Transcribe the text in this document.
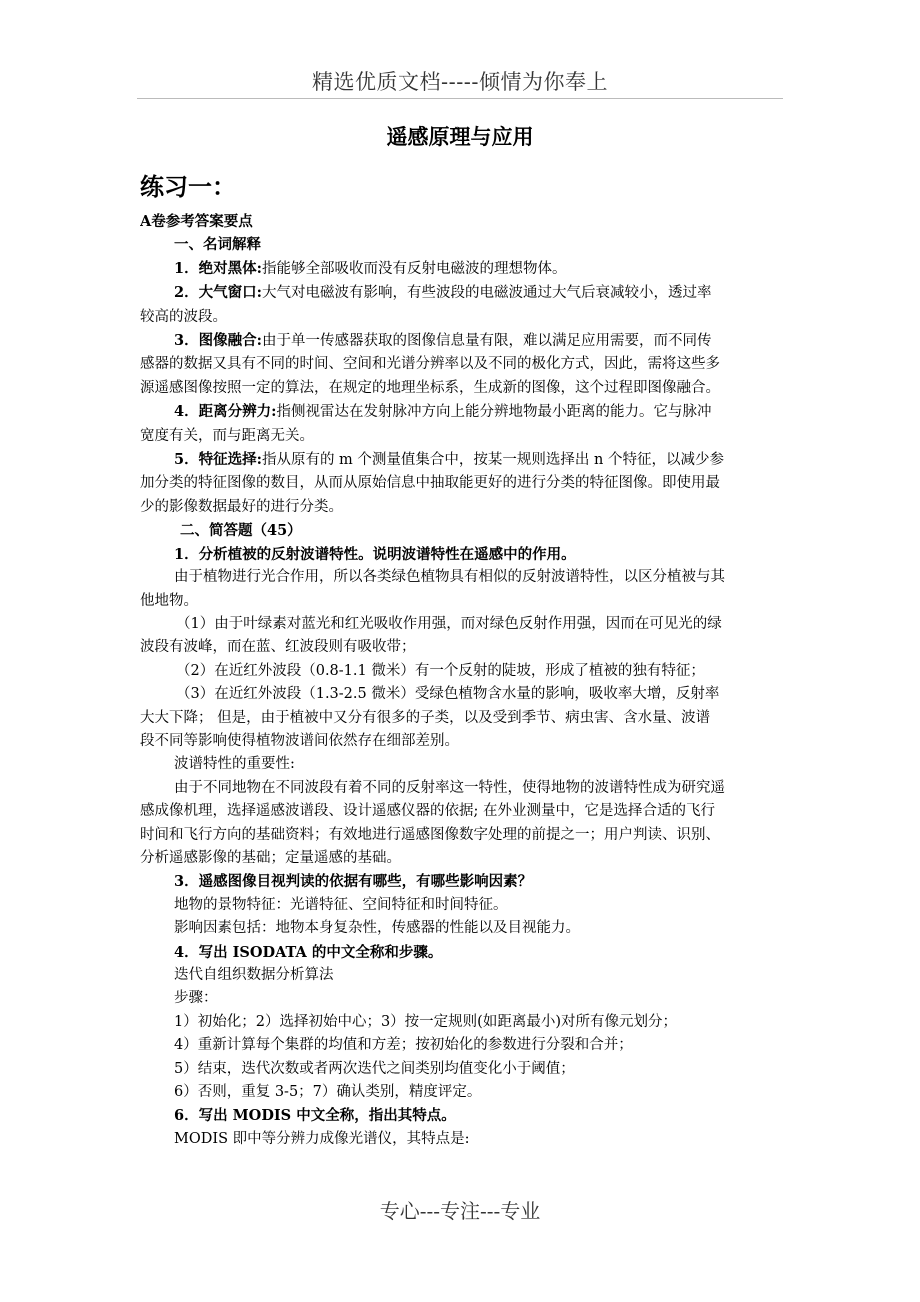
精选优质文档-----倾情为你奉上
遥感原理与应用
练习一：
A卷参考答案要点
一、名词解释
1．绝对黑体:指能够全部吸收而没有反射电磁波的理想物体。
2．大气窗口:大气对电磁波有影响，有些波段的电磁波通过大气后衰减较小，透过率
较高的波段。
3．图像融合:由于单一传感器获取的图像信息量有限，难以满足应用需要，而不同传
感器的数据又具有不同的时间、空间和光谱分辨率以及不同的极化方式，因此，需将这些多
源遥感图像按照一定的算法，在规定的地理坐标系，生成新的图像，这个过程即图像融合。
4．距离分辨力:指侧视雷达在发射脉冲方向上能分辨地物最小距离的能力。它与脉冲
宽度有关，而与距离无关。
5．特征选择:指从原有的 m 个测量值集合中，按某一规则选择出 n 个特征，以减少参
加分类的特征图像的数目，从而从原始信息中抽取能更好的进行分类的特征图像。即使用最
少的影像数据最好的进行分类。
二、简答题（45）
1．分析植被的反射波谱特性。说明波谱特性在遥感中的作用。
由于植物进行光合作用，所以各类绿色植物具有相似的反射波谱特性，以区分植被与其
他地物。
（1）由于叶绿素对蓝光和红光吸收作用强，而对绿色反射作用强，因而在可见光的绿
波段有波峰，而在蓝、红波段则有吸收带；
（2）在近红外波段（0.8-1.1 微米）有一个反射的陡坡，形成了植被的独有特征；
（3）在近红外波段（1.3-2.5 微米）受绿色植物含水量的影响，吸收率大增，反射率
大大下降； 但是，由于植被中又分有很多的子类，以及受到季节、病虫害、含水量、波谱
段不同等影响使得植物波谱间依然存在细部差别。
波谱特性的重要性:
由于不同地物在不同波段有着不同的反射率这一特性，使得地物的波谱特性成为研究遥
感成像机理，选择遥感波谱段、设计遥感仪器的依据; 在外业测量中，它是选择合适的飞行
时间和飞行方向的基础资料；有效地进行遥感图像数字处理的前提之一；用户判读、识别、
分析遥感影像的基础；定量遥感的基础。
3．遥感图像目视判读的依据有哪些，有哪些影响因素？
地物的景物特征：光谱特征、空间特征和时间特征。
影响因素包括：地物本身复杂性，传感器的性能以及目视能力。
4．写出 ISODATA 的中文全称和步骤。
迭代自组织数据分析算法
步骤：
1）初始化；2）选择初始中心；3）按一定规则(如距离最小)对所有像元划分；
4）重新计算每个集群的均值和方差；按初始化的参数进行分裂和合并；
5）结束，迭代次数或者两次迭代之间类别均值变化小于阈值；
6）否则，重复 3-5；7）确认类别，精度评定。
6．写出 MODIS 中文全称，指出其特点。
MODIS 即中等分辨力成像光谱仪，其特点是:
专心---专注---专业
